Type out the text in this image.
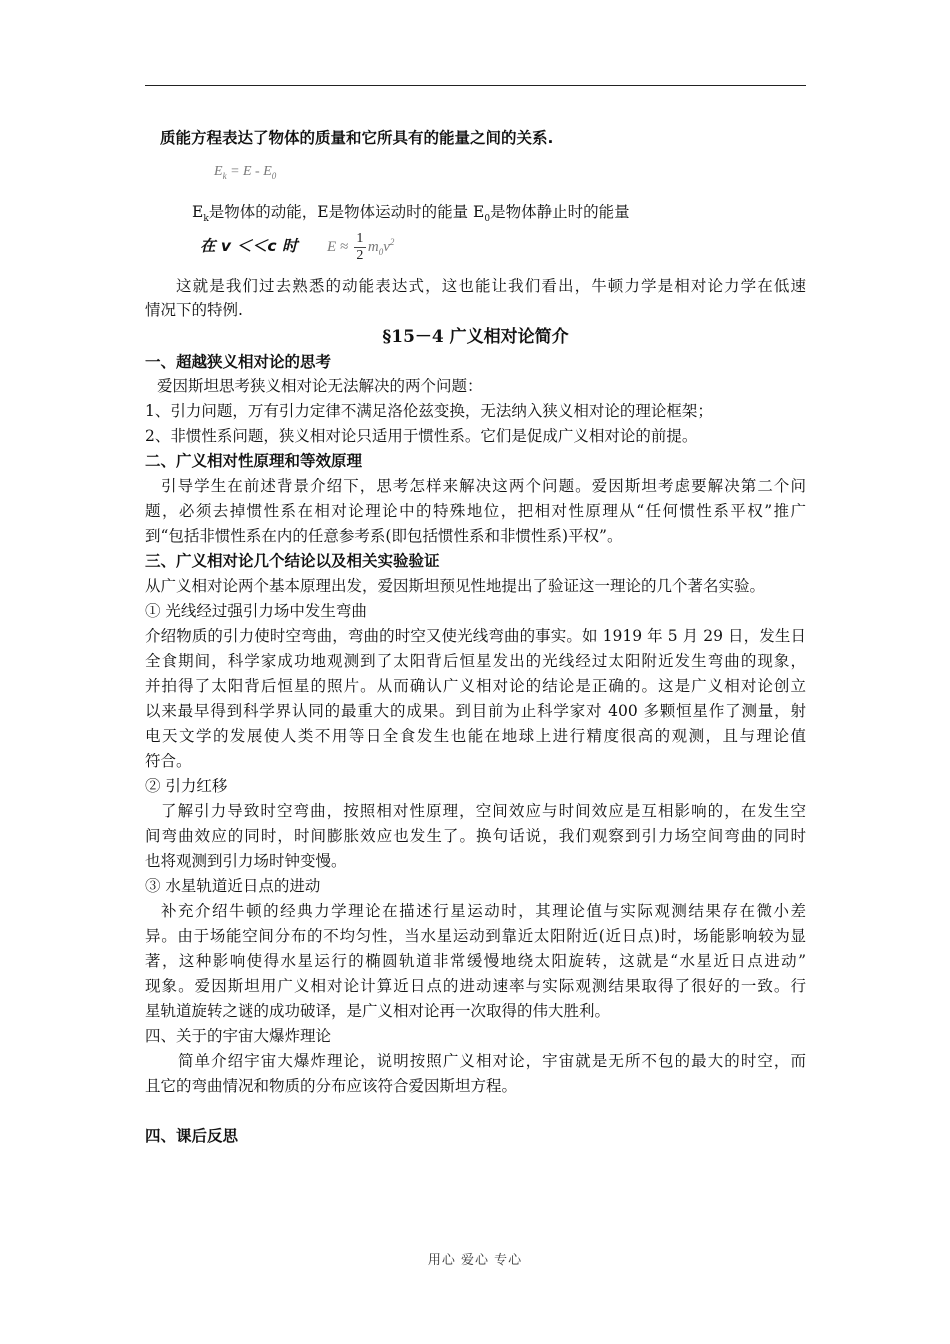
质能方程表达了物体的质量和它所具有的能量之间的关系.
$E_k = E - E_0$
$E_k$是物体的动能，E是物体运动时的能量 $E_0$是物体静止时的能量
在 v ＜＜c 时	$E \approx \frac{1}{2} m_0v^2$
这就是我们过去熟悉的动能表达式，这也能让我们看出，牛顿力学是相对论力学在低速
情况下的特例.
§15－4 广义相对论简介
一、超越狭义相对论的思考
爱因斯坦思考狭义相对论无法解决的两个问题：
1、引力问题，万有引力定律不满足洛伦兹变换，无法纳入狭义相对论的理论框架；
2、非惯性系问题，狭义相对论只适用于惯性系。它们是促成广义相对论的前提。
二、广义相对性原理和等效原理
引导学生在前述背景介绍下，思考怎样来解决这两个问题。爱因斯坦考虑要解决第二个问
题，必须去掉惯性系在相对论理论中的特殊地位，把相对性原理从“任何惯性系平权”推广
到“包括非惯性系在内的任意参考系(即包括惯性系和非惯性系)平权”。
三、广义相对论几个结论以及相关实验验证
从广义相对论两个基本原理出发，爱因斯坦预见性地提出了验证这一理论的几个著名实验。
① 光线经过强引力场中发生弯曲
介绍物质的引力使时空弯曲，弯曲的时空又使光线弯曲的事实。如 1919 年 5 月 29 日，发生日
全食期间，科学家成功地观测到了太阳背后恒星发出的光线经过太阳附近发生弯曲的现象，
并拍得了太阳背后恒星的照片。从而确认广义相对论的结论是正确的。这是广义相对论创立
以来最早得到科学界认同的最重大的成果。到目前为止科学家对 400 多颗恒星作了测量，射
电天文学的发展使人类不用等日全食发生也能在地球上进行精度很高的观测，且与理论值
符合。
② 引力红移
了解引力导致时空弯曲，按照相对性原理，空间效应与时间效应是互相影响的，在发生空
间弯曲效应的同时，时间膨胀效应也发生了。换句话说，我们观察到引力场空间弯曲的同时
也将观测到引力场时钟变慢。
③ 水星轨道近日点的进动
补充介绍牛顿的经典力学理论在描述行星运动时，其理论值与实际观测结果存在微小差
异。由于场能空间分布的不均匀性，当水星运动到靠近太阳附近(近日点)时，场能影响较为显
著，这种影响使得水星运行的椭圆轨道非常缓慢地绕太阳旋转，这就是“水星近日点进动”
现象。爱因斯坦用广义相对论计算近日点的进动速率与实际观测结果取得了很好的一致。行
星轨道旋转之谜的成功破译，是广义相对论再一次取得的伟大胜利。
四、关于的宇宙大爆炸理论
简单介绍宇宙大爆炸理论，说明按照广义相对论，宇宙就是无所不包的最大的时空，而
且它的弯曲情况和物质的分布应该符合爱因斯坦方程。
四、课后反思
用心 爱心 专心
